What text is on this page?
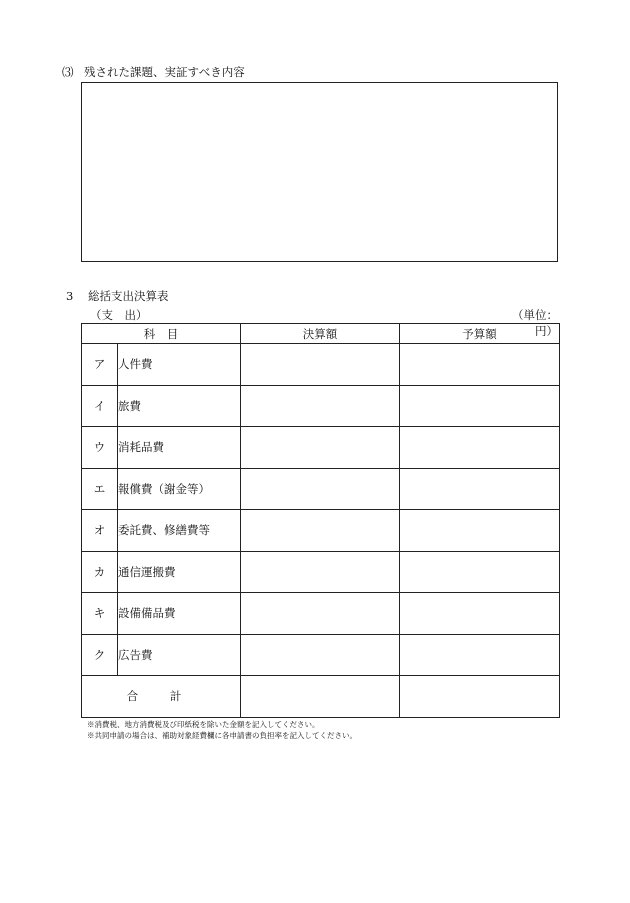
⑶ 残された課題、実証すべき内容
3 総括支出決算表
（支　出）	（単位：円）
科　目		決算額	予算額
ア	人件費		
イ	旅費		
ウ	消耗品費		
エ	報償費（謝金等）		
オ	委託費、修繕費等		
カ	通信運搬費		
キ	設備備品費		
ク	広告費		
合 計			
※消費税、地方消費税及び印紙税を除いた金額を記入してください。
※共同申請の場合は、補助対象経費欄に各申請書の負担率を記入してください。
